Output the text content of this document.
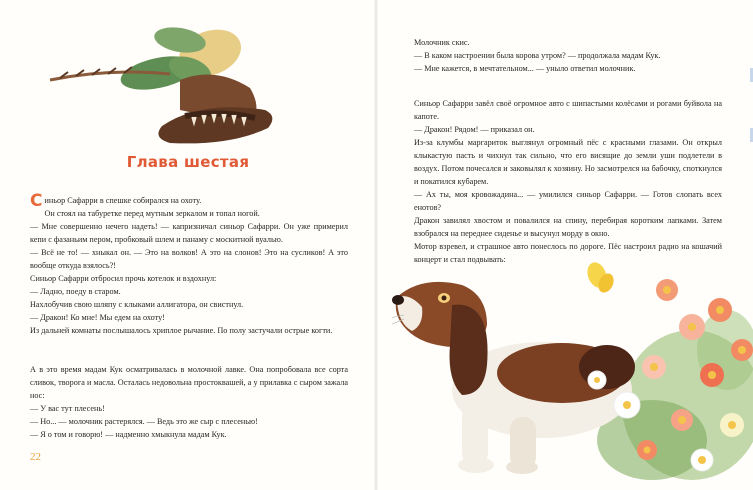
Глава шестая

Синьор Сафарри в спешке собирался на охоту.

Он стоял на табуретке перед мутным зеркалом и топал ногой.

— Мне совершенно нечего надеть! — капризничал синьор Сафарри. Он уже примерил кепи с фазаньим пером, пробковый шлем и панаму с москитной вуалью.

— Всё не то! — хныкал он. — Это на волков! А это на слонов! Это на сусликов! А это вообще откуда взялось?!

Синьор Сафарри отбросил прочь котелок и вздохнул:

— Ладно, поеду в старом.

Нахлобучив свою шляпу с клыками аллигатора, он свистнул.

— Дракон! Ко мне! Мы едем на охоту!

Из дальней комнаты послышалось хриплое рычание. По полу застучали острые когти.

А в это время мадам Кук осматривалась в молочной лавке. Она попробовала все сорта сливок, творога и масла. Осталась недовольна простоквашей, а у прилавка с сыром зажала нос:

— У вас тут плесень!

— Но... — молочник растерялся. — Ведь это же сыр с плесенью!

— Я о том и говорю! — надменно хмыкнула мадам Кук.

22

Молочник скис.

— В каком настроении была корова утром? — продолжала мадам Кук.

— Мне кажется, в мечтательном... — уныло ответил молочник.

Синьор Сафарри завёл своё огромное авто с шипастыми колёсами и рогами буйвола на капоте.

— Дракон! Рядом! — приказал он.

Из-за клумбы маргариток выглянул огромный пёс с красными глазами. Он открыл клыкастую пасть и чихнул так сильно, что его висящие до земли уши подлетели в воздух. Потом почесался и заковылял к хозяину. Но засмотрелся на бабочку, споткнулся и покатился кубарем.

— Ах ты, моя кровожадина... — умилился синьор Сафарри. — Готов слопать всех енотов?

Дракон завилял хвостом и повалился на спину, перебирая коротким лапками. Затем взобрался на переднее сиденье и высунул морду в окно.

Мотор взревел, и страшное авто понеслось по дороге. Пёс настроил радио на кошачий концерт и стал подвывать:
